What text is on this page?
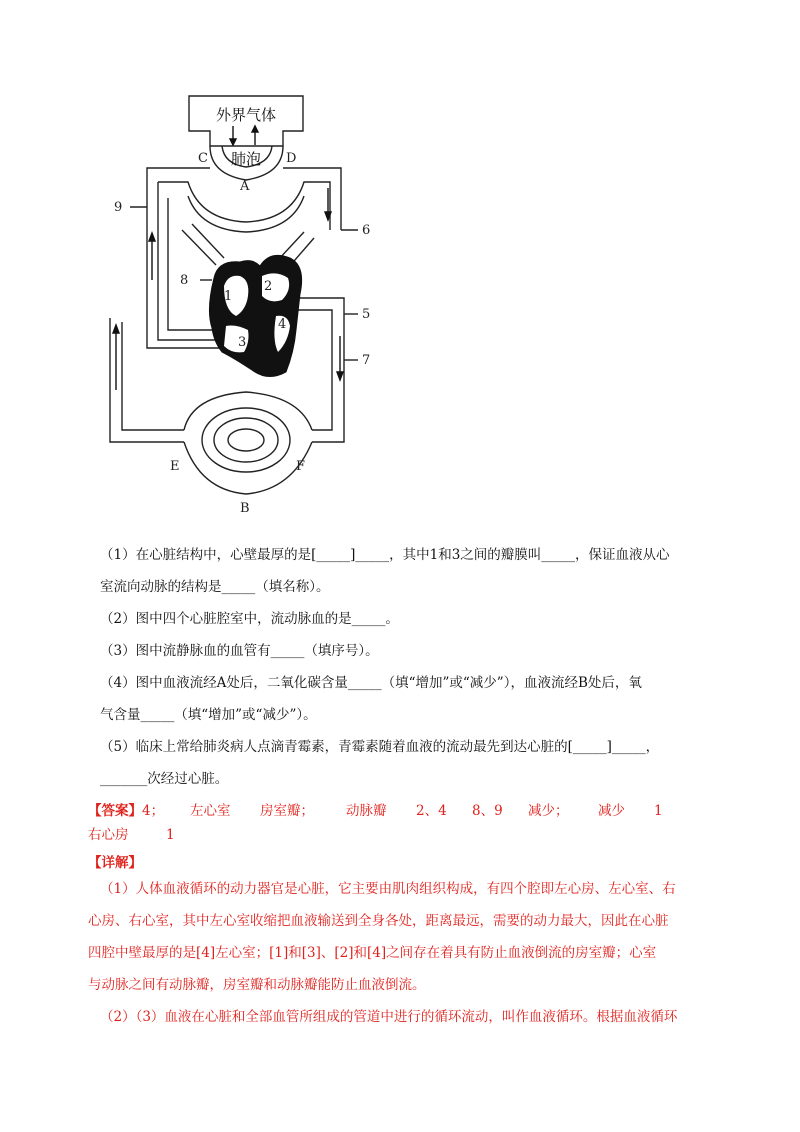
外界气体
肺泡
C	D
A
9
6
8
1
2
3
4
5
7
E	F
B
（1）在心脏结构中，心壁最厚的是[_____]_____，其中1和3之间的瓣膜叫_____，保证血液从心
室流向动脉的结构是_____（填名称）。
（2）图中四个心脏腔室中，流动脉血的是_____。
（3）图中流静脉血的血管有_____（填序号）。
（4）图中血液流经A处后，二氧化碳含量_____（填“增加”或“减少”），血液流经B处后，氧
气含量_____（填“增加”或“减少”）。
（5）临床上常给肺炎病人点滴青霉素，青霉素随着血液的流动最先到达心脏的[_____]_____，
_______次经过心脏。
【答案】4； 左心室 房室瓣； 动脉瓣 2、4 8、9 减少； 减少 1
右心房	1
【详解】
（1）人体血液循环的动力器官是心脏，它主要由肌肉组织构成，有四个腔即左心房、左心室、右
心房、右心室，其中左心室收缩把血液输送到全身各处，距离最远，需要的动力最大，因此在心脏
四腔中壁最厚的是[4]左心室；[1]和[3]、[2]和[4]之间存在着具有防止血液倒流的房室瓣；心室
与动脉之间有动脉瓣，房室瓣和动脉瓣能防止血液倒流。
（2）（3）血液在心脏和全部血管所组成的管道中进行的循环流动，叫作血液循环。根据血液循环
